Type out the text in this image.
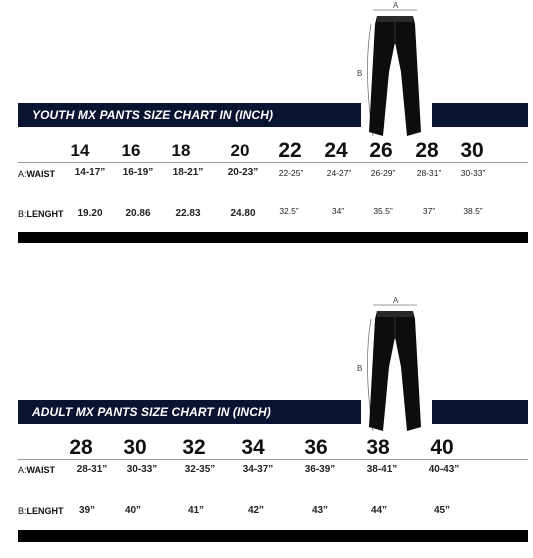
A
B
YOUTH MX PANTS SIZE CHART IN (INCH)
14 16 18 20 22 24 26 28 30
A:WAIST 14-17” 16-19” 18-21” 20-23” 22-25”	24-27” 26-29”	28-31” 30-33”
B:LENGHT 19.20 20.86 22.83	24.80	32.5”	34”	35.5”	37”	38.5”
A
B
ADULT MX PANTS SIZE CHART IN (INCH)
28 30 32 34 36 38 40
A:WAIST 28-31” 30-33”	32-35”	34-37”	36-39”	38-41”	40-43”
B:LENGHT 39”	40”	41”	42”	43”	44”	45”
